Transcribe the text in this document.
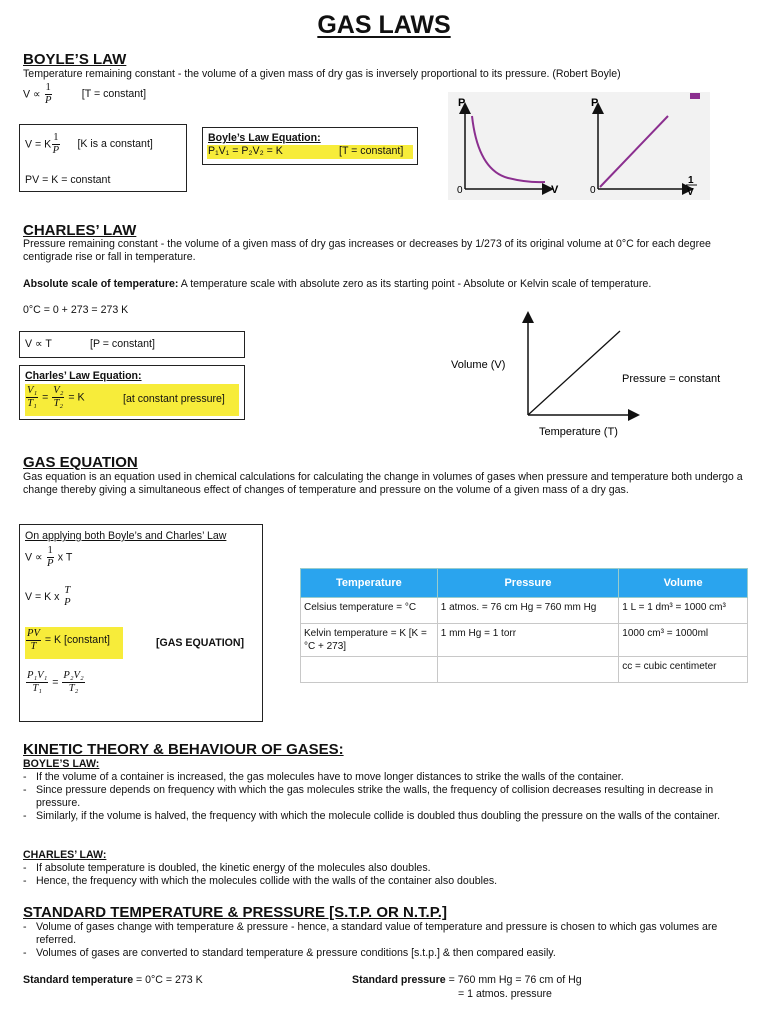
GAS LAWS
BOYLE’S LAW
Temperature remaining constant - the volume of a given mass of dry gas is inversely proportional to its pressure. (Robert Boyle)
$V \propto \frac{1}{P}$	[T = constant]
V = K $\frac{1}{P} [K$ is a constant]
PV = K = constant
Boyle’s Law Equation:
P₁V₁ = P₂V₂ = K	[T = constant]
P
V
0
P
0
1
V
CHARLES’ LAW
Pressure remaining constant - the volume of a given mass of dry gas increases or decreases by 1/273 of its original volume at 0°C for each degree centigrade rise or fall in temperature.
Absolute scale of temperature: A temperature scale with absolute zero as its starting point - Absolute or Kelvin scale of temperature.
0°C = 0 + 273 = 273 K
V ∝ T	[P = constant]
Charles’ Law Equation:
$\frac{\text{V₁}}{\text{T₁}} = \frac{\text{V₂}}{\text{T₂}} = K$	[at constant pressure]
Volume (V)
Temperature (T)
Pressure = constant
GAS EQUATION
Gas equation is an equation used in chemical calculations for calculating the change in volumes of gases when pressure and temperature both undergo a change thereby giving a simultaneous effect of changes of temperature and pressure on the volume of a given mass of a dry gas.
On applying both Boyle’s and Charles’ Law
$V \propto \frac{1}{P}$ x T
V = K x
T
P
$\frac{PV}{T} = K$ [constant]	[GAS EQUATION]
$\frac{\text{P₁V₁}}{\text{T₁}} = \frac{\text{P₂V₂}}{\text{T₂}}$
Temperature	Pressure	Volume
Celsius temperature = °C	1 atmos. = 76 cm Hg = 760 mm Hg	1 L = 1 dm³ = 1000 cm³
Kelvin temperature = K [K = °C + 273]	1 mm Hg = 1 torr	1000 cm³ = 1000ml
		cc = cubic centimeter
KINETIC THEORY & BEHAVIOUR OF GASES:
BOYLE’S LAW:
- If the volume of a container is increased, the gas molecules have to move longer distances to strike the walls of the container.
- Since pressure depends on frequency with which the gas molecules strike the walls, the frequency of collision decreases resulting in decrease in pressure.
- Similarly, if the volume is halved, the frequency with which the molecule collide is doubled thus doubling the pressure on the walls of the container.
CHARLES’ LAW:
- If absolute temperature is doubled, the kinetic energy of the molecules also doubles.
- Hence, the frequency with which the molecules collide with the walls of the container also doubles.
STANDARD TEMPERATURE & PRESSURE [S.T.P. OR N.T.P.]
- Volume of gases change with temperature & pressure - hence, a standard value of temperature and pressure is chosen to which gas volumes are referred.
- Volumes of gases are converted to standard temperature & pressure conditions [s.t.p.] & then compared easily.
Standard temperature = 0°C = 273 K	Standard pressure = 760 mm Hg = 76 cm of Hg
= 1 atmos. pressure
